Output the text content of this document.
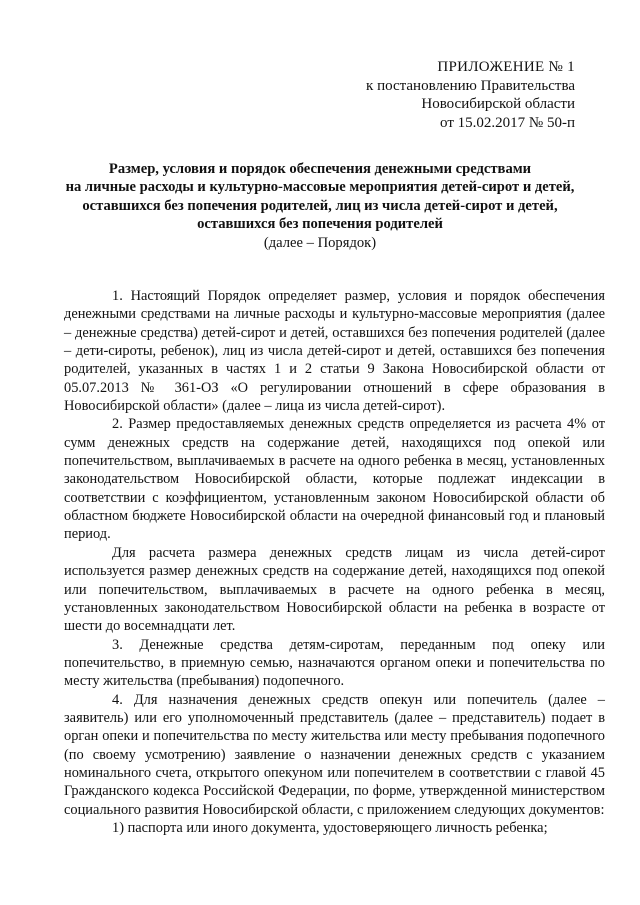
ПРИЛОЖЕНИЕ № 1
к постановлению Правительства
Новосибирской области
от 15.02.2017 № 50-п
Размер, условия и порядок обеспечения денежными средствами
на личные расходы и культурно-массовые мероприятия детей-сирот и детей,
оставшихся без попечения родителей, лиц из числа детей-сирот и детей,
оставшихся без попечения родителей
(далее – Порядок)

1. Настоящий Порядок определяет размер, условия и порядок обеспечения денежными средствами на личные расходы и культурно-массовые мероприятия (далее – денежные средства) детей-сирот и детей, оставшихся без попечения родителей (далее – дети-сироты, ребенок), лиц из числа детей-сирот и детей, оставшихся без попечения родителей, указанных в частях 1 и 2 статьи 9 Закона Новосибирской области от 05.07.2013 № 361-ОЗ «О регулировании отношений в сфере образования в Новосибирской области» (далее – лица из числа детей-сирот).

2. Размер предоставляемых денежных средств определяется из расчета 4% от сумм денежных средств на содержание детей, находящихся под опекой или попечительством, выплачиваемых в расчете на одного ребенка в месяц, установленных законодательством Новосибирской области, которые подлежат индексации в соответствии с коэффициентом, установленным законом Новосибирской области об областном бюджете Новосибирской области на очередной финансовый год и плановый период.

Для расчета размера денежных средств лицам из числа детей-сирот используется размер денежных средств на содержание детей, находящихся под опекой или попечительством, выплачиваемых в расчете на одного ребенка в месяц, установленных законодательством Новосибирской области на ребенка в возрасте от шести до восемнадцати лет.

3. Денежные средства детям-сиротам, переданным под опеку или попечительство, в приемную семью, назначаются органом опеки и попечительства по месту жительства (пребывания) подопечного.

4. Для назначения денежных средств опекун или попечитель (далее – заявитель) или его уполномоченный представитель (далее – представитель) подает в орган опеки и попечительства по месту жительства или месту пребывания подопечного (по своему усмотрению) заявление о назначении денежных средств с указанием номинального счета, открытого опекуном или попечителем в соответствии с главой 45 Гражданского кодекса Российской Федерации, по форме, утвержденной министерством социального развития Новосибирской области, с приложением следующих документов:

1) паспорта или иного документа, удостоверяющего личность ребенка;
